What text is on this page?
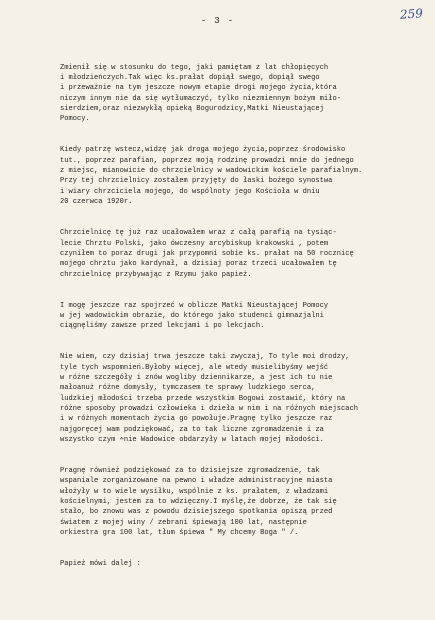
- 3 -	259

Zmienił się w stosunku do tego, jaki pamiętam z lat chłopięcych
i młodzieńczych.Tak więc ks.prałat dopiął swego, dopiął swego
i przeważnie na tym jeszcze nowym etapie drogi mojego życia,która
niczym innym nie da się wytłumaczyć, tylko niezmiennym bożym miło-
sierdziem,oraz niezwykłą opieką Bogurodzicy,Matki Nieustającej
Pomocy.

Kiedy patrzę wstecz,widzę jak droga mojego życia,poprzez środowisko
tut., poprzez parafian, poprzez moją rodzinę prowadzi mnie do jednego
z miejsc, mianowicie do chrzcielnicy w wadowickim kościele parafialnym.
Przy tej chrzcielnicy zostałem przyjęty do łaski bożego synostwa
i wiary chrzciciela mojego, do wspólnoty jego Kościoła w dniu
20 czerwca 1920r.

Chrzcielnicę tę już raz ucałowałem wraz z całą parafią na tysiąc-
lecie Chrztu Polski, jako ówczesny arcybiskup krakowski , potem
czyniłem to poraz drugi jak przypomni sobie ks. prałat na 50 rocznicę
mojego chrztu jako kardynał, a dzisiaj poraz trzeci ucałowałem tę
chrzcielnicę przybywając z Rzymu jako papież.

I mogę jeszcze raz spojrzeć w oblicze Matki Nieustającej Pomocy
w jej wadowickim obrazie, do którego jako studenci gimnazjalni
ciągnęliśmy zawsze przed lekcjami i po lekcjach.

Nie wiem, czy dzisiaj trwa jeszcze taki zwyczaj, To tyle moi drodzy,
tyle tych wspomnień.Byłoby więcej, ale wtedy musielibyśmy wejść
w różne szczegóły i znów wogliby dziennikarze, a jest ich tu nie
małoanuż różne domysły, tymczasem te sprawy ludzkiego serca,
ludzkiej młodości trzeba przede wszystkim Bogowi zostawić, który na
różne sposoby prowadzi człowieka i dzieła w nim i na różnych miejscach
i w różnych momentach życia go powołuje.Pragnę tylko jeszcze raz
najgoręcej wam podziękować, za to tak liczne zgromadzenie i za
wszystko czym ∸nie Wadowice obdarzyły w latach mojej młodości.

Pragnę również podziękować za to dzisiejsze zgromadzenie, tak
wspaniale zorganizowane na pewno i władze administracyjne miasta
włożyły w to wiele wysiłku, wspólnie z ks. prałatem, z władzami
kościelnymi, jestem za to wdzięczny.I myślę,że dobrze, że tak się
stało, bo znowu was z powodu dzisiejszego spotkania opiszą przed
światem z mojej winy / zebrani śpiewają 100 lat, następnie
orkiestra gra 100 lat, tłum śpiewa " My chcemy Boga " /.

Papież mówi dalej :
